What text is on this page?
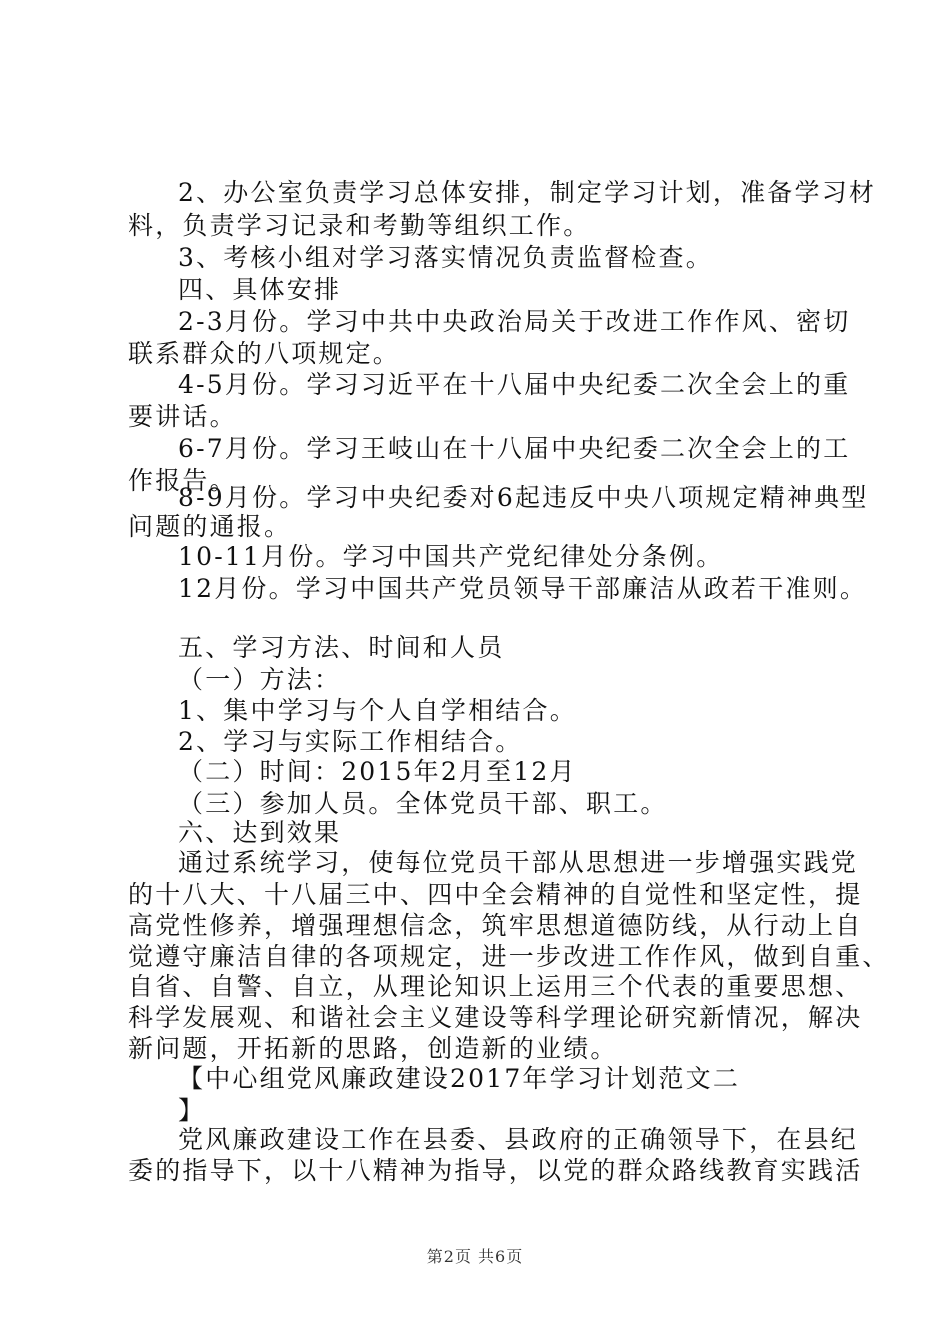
2、办公室负责学习总体安排，制定学习计划，准备学习材

料，负责学习记录和考勤等组织工作。

3、考核小组对学习落实情况负责监督检查。

四、具体安排

2-3月份。学习中共中央政治局关于改进工作作风、密切

联系群众的八项规定。

4-5月份。学习习近平在十八届中央纪委二次全会上的重

要讲话。

6-7月份。学习王岐山在十八届中央纪委二次全会上的工

作报告。

8-9月份。学习中央纪委对6起违反中央八项规定精神典型

问题的通报。

10-11月份。学习中国共产党纪律处分条例。

12月份。学习中国共产党员领导干部廉洁从政若干准则。

五、学习方法、时间和人员

（一）方法：

1、集中学习与个人自学相结合。

2、学习与实际工作相结合。

（二）时间：2015年2月至12月

（三）参加人员。全体党员干部、职工。

六、达到效果

通过系统学习，使每位党员干部从思想进一步增强实践党

的十八大、十八届三中、四中全会精神的自觉性和坚定性，提

高党性修养，增强理想信念，筑牢思想道德防线，从行动上自

觉遵守廉洁自律的各项规定，进一步改进工作作风，做到自重、

自省、自警、自立，从理论知识上运用三个代表的重要思想、

科学发展观、和谐社会主义建设等科学理论研究新情况，解决

新问题，开拓新的思路，创造新的业绩。

【中心组党风廉政建设2017年学习计划范文二

】

党风廉政建设工作在县委、县政府的正确领导下，在县纪

委的指导下，以十八精神为指导，以党的群众路线教育实践活

第2页 共6页
